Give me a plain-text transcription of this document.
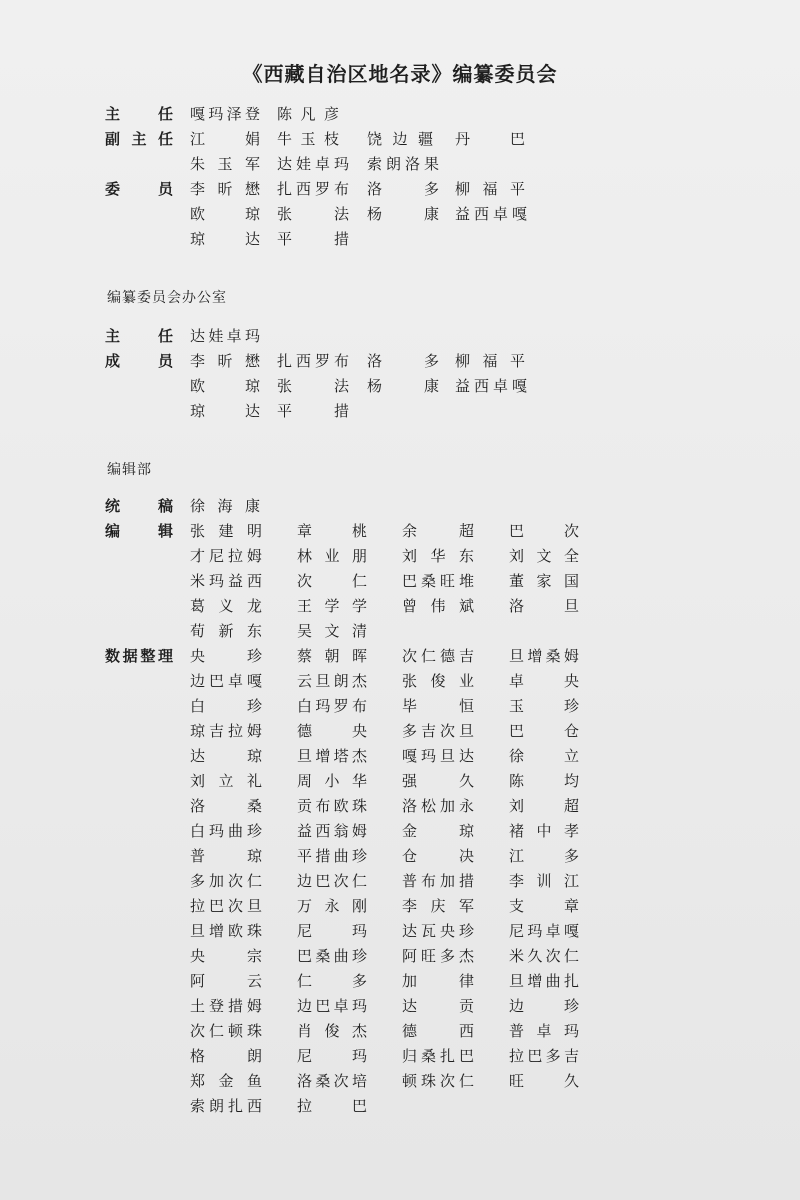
《西藏自治区地名录》编纂委员会
主　任 嘎玛泽登 陈凡彦
副主任 江　娟 牛玉枝 饶边疆 丹　巴
朱玉军 达娃卓玛 索朗洛果
委　员 李昕懋 扎西罗布 洛　多 柳福平
欧　琼 张　法 杨　康 益西卓嘎
琼　达 平　措
编纂委员会办公室
主　任 达娃卓玛
成　员 李昕懋 扎西罗布 洛　多 柳福平
欧　琼 张　法 杨　康 益西卓嘎
琼　达 平　措
编辑部
统　稿 徐海康
编　辑 张建明 章　桃 余　超 巴　次
才尼拉姆 林业朋 刘华东 刘文全
米玛益西 次　仁 巴桑旺堆 董家国
葛义龙 王学学 曾伟斌 洛　旦
荀新东 吴文清
数据整理 央　珍 蔡朝晖 次仁德吉 旦增桑姆
边巴卓嘎 云旦朗杰 张俊业 卓　央
白　珍 白玛罗布 毕　恒 玉　珍
琼吉拉姆 德　央 多吉次旦 巴　仓
达　琼 旦增塔杰 嘎玛旦达 徐　立
刘立礼 周小华 强　久 陈　均
洛　桑 贡布欧珠 洛松加永 刘　超
白玛曲珍 益西翁姆 金　琼 褚中孝
普　琼 平措曲珍 仓　决 江　多
多加次仁 边巴次仁 普布加措 李训江
拉巴次旦 万永刚 李庆军 支　章
旦增欧珠 尼　玛 达瓦央珍 尼玛卓嘎
央　宗 巴桑曲珍 阿旺多杰 米久次仁
阿　云 仁　多 加　律 旦增曲扎
土登措姆 边巴卓玛 达　贡 边　珍
次仁顿珠 肖俊杰 德　西 普卓玛
格　朗 尼　玛 归桑扎巴 拉巴多吉
郑金鱼 洛桑次培 顿珠次仁 旺　久
索朗扎西 拉　巴
